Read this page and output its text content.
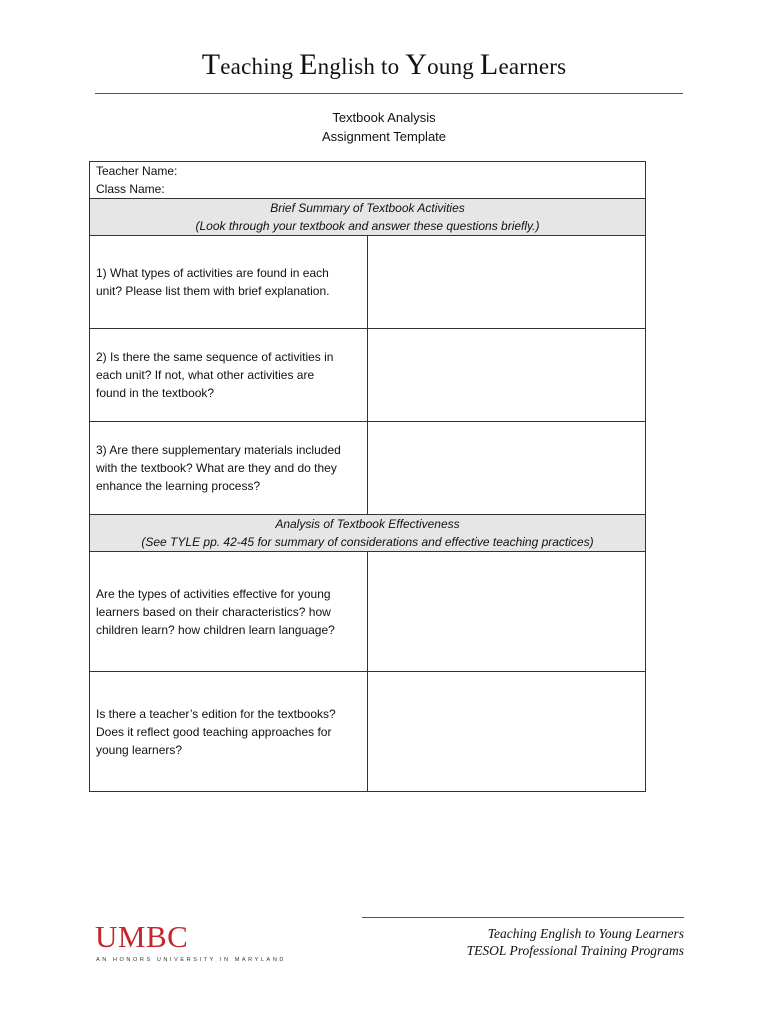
Teaching English to Young Learners
Textbook Analysis
Assignment Template
Teacher Name:
Class Name:	

Brief Summary of Textbook Activities
(Look through your textbook and answer these questions briefly.)	

1) What types of activities are found in each
unit? Please list them with brief explanation.	

2) Is there the same sequence of activities in
each unit? If not, what other activities are
found in the textbook?	

3) Are there supplementary materials included
with the textbook? What are they and do they
enhance the learning process?	

Analysis of Textbook Effectiveness
(See TYLE pp. 42-45 for summary of considerations and effective teaching practices)	

Are the types of activities effective for young
learners based on their characteristics? how
children learn? how children learn language?	

Is there a teacher’s edition for the textbooks?
Does it reflect good teaching approaches for
young learners?	

UMBC
AN HONORS UNIVERSITY IN MARYLAND
Teaching English to Young Learners
TESOL Professional Training Programs
